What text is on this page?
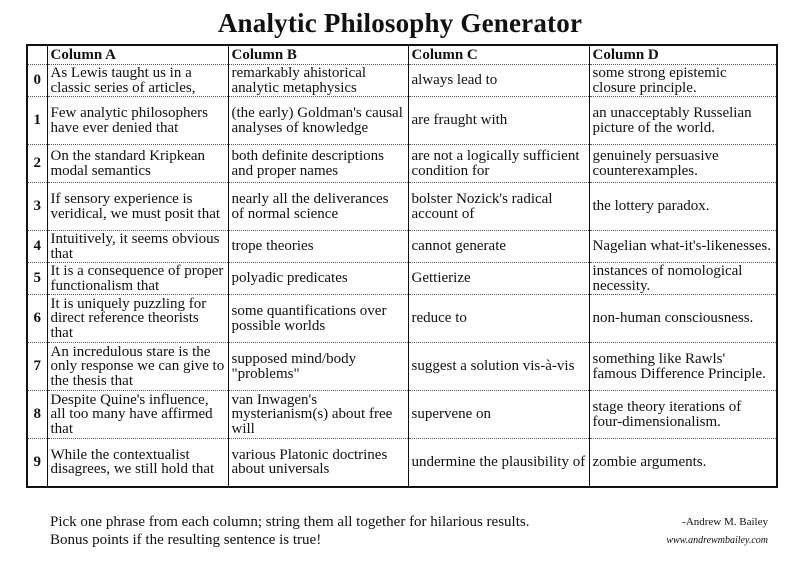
Analytic Philosophy Generator
	Column A	Column B	Column C	Column D
0	As Lewis taught us in a classic series of articles,	remarkably ahistorical analytic metaphysics	always lead to	some strong epistemic closure principle.
1	Few analytic philosophers have ever denied that	(the early) Goldman's causal analyses of knowledge	are fraught with	an unacceptably Russelian picture of the world.
2	On the standard Kripkean modal semantics	both definite descriptions and proper names	are not a logically sufficient condition for	genuinely persuasive counterexamples.
3	If sensory experience is veridical, we must posit that	nearly all the deliverances of normal science	bolster Nozick's radical account of	the lottery paradox.
4	Intuitively, it seems obvious that	trope theories	cannot generate	Nagelian what-it's-likenesses.
5	It is a consequence of proper functionalism that	polyadic predicates	Gettierize	instances of nomological necessity.
6	It is uniquely puzzling for direct reference theorists that	some quantifications over possible worlds	reduce to	non-human consciousness.
7	An incredulous stare is the only response we can give to the thesis that	supposed mind/body "problems"	suggest a solution vis-à-vis	something like Rawls' famous Difference Principle.
8	Despite Quine's influence, all too many have affirmed that	van Inwagen's mysterianism(s) about free will	supervene on	stage theory iterations of four-dimensionalism.
9	While the contextualist disagrees, we still hold that	various Platonic doctrines about universals	undermine the plausibility of	zombie arguments.
Pick one phrase from each column; string them all together for hilarious results.
Bonus points if the resulting sentence is true!
-Andrew M. Bailey
www.andrewmbailey.com
